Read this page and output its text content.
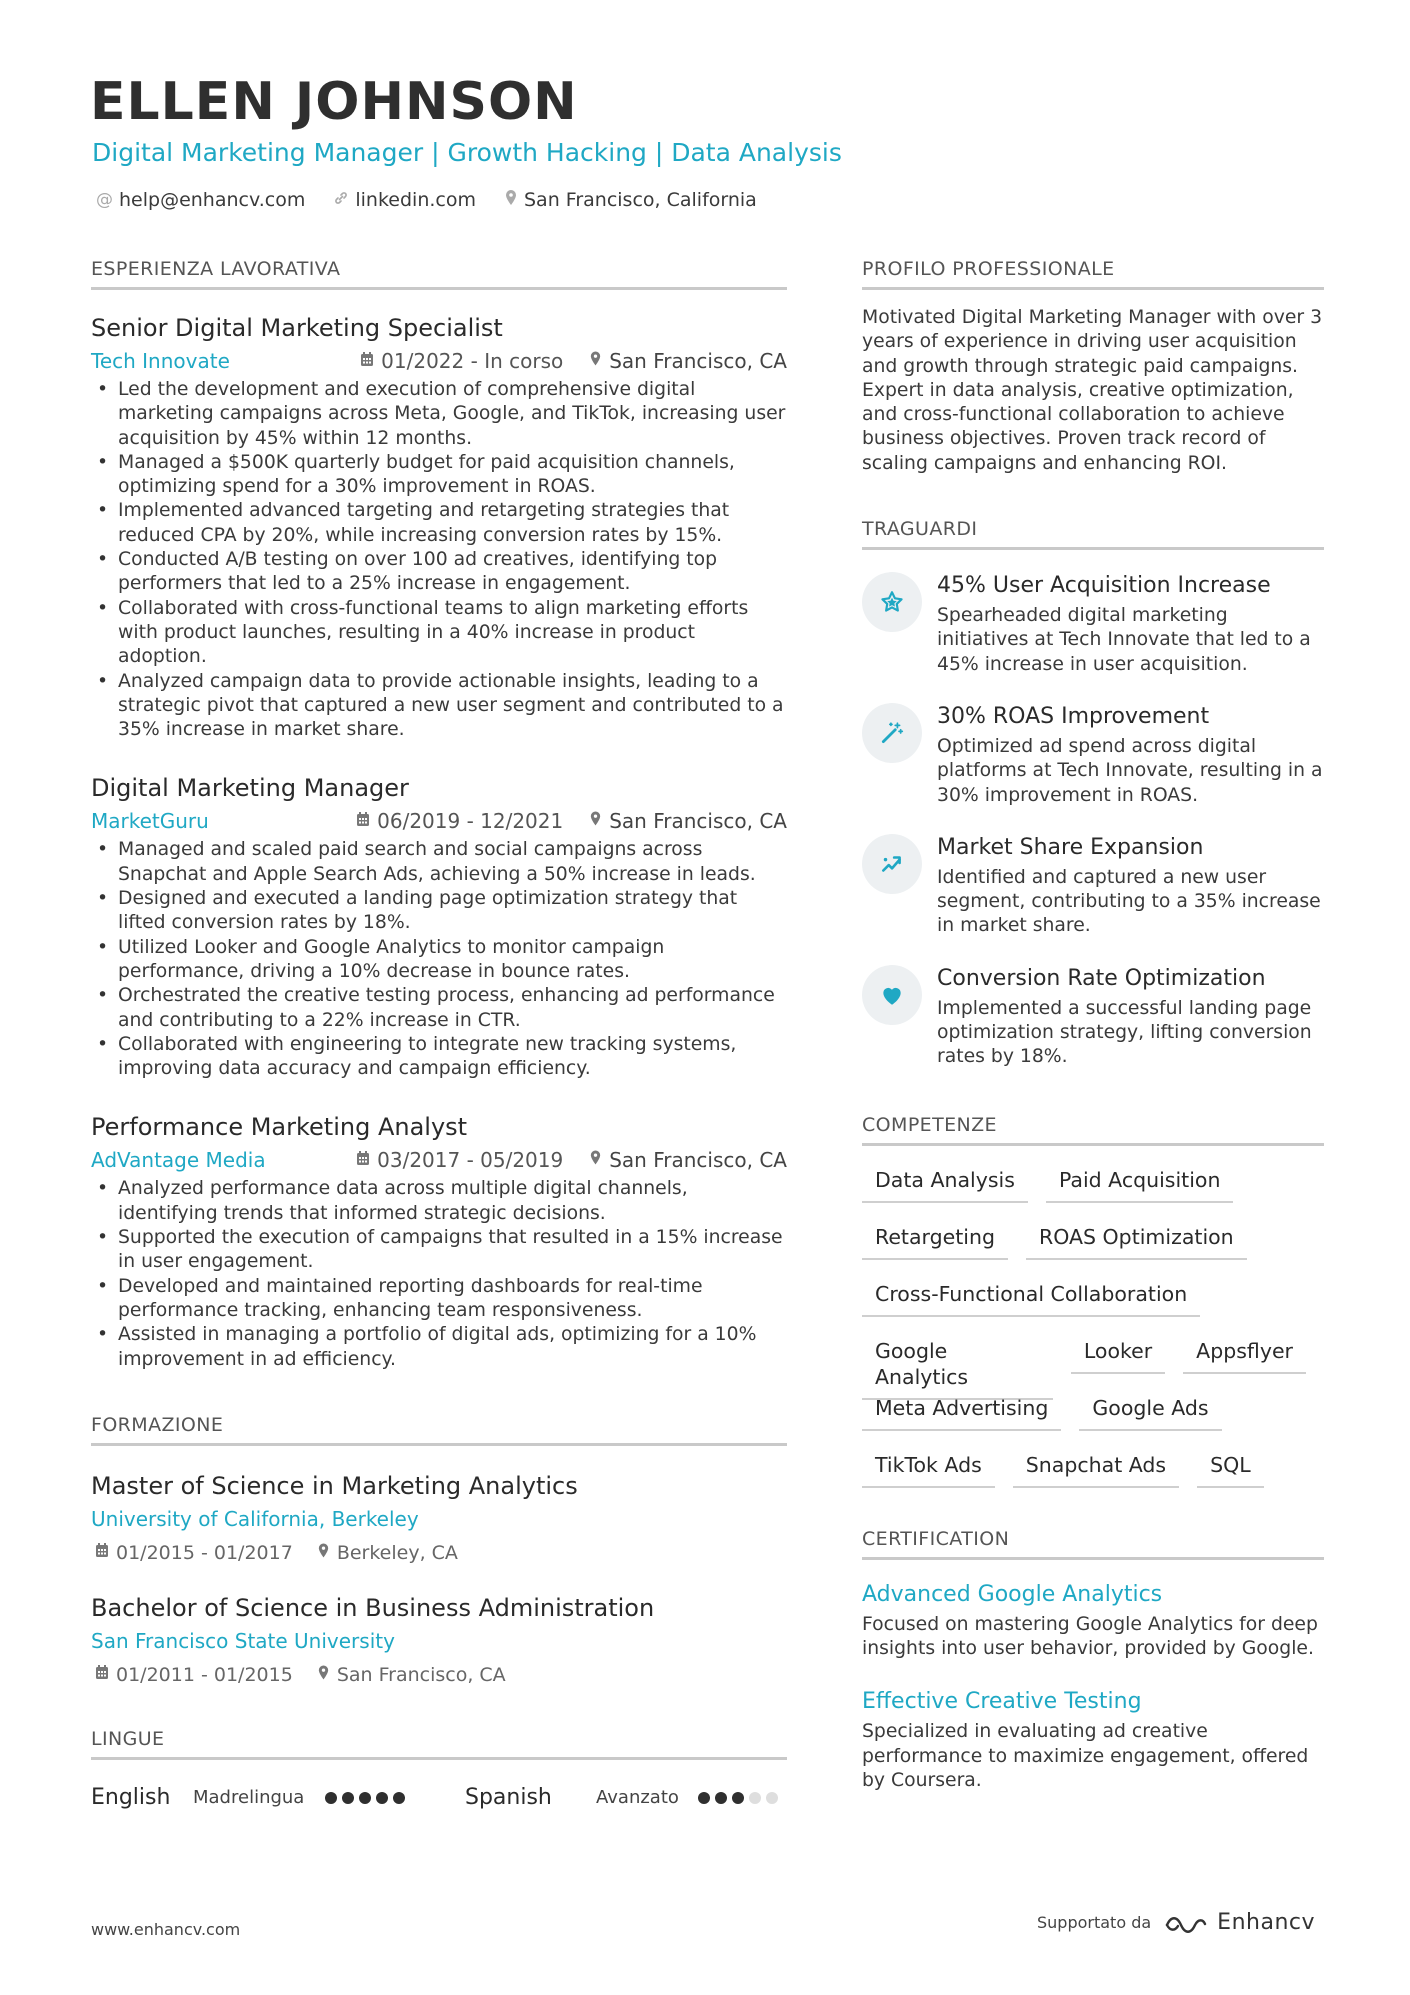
ELLEN JOHNSON
Digital Marketing Manager | Growth Hacking | Data Analysis
@ help@enhancv.com	linkedin.com	San Francisco, California
ESPERIENZA LAVORATIVA
Senior Digital Marketing Specialist
Tech Innovate	01/2022 - In corso San Francisco, CA
• Led the development and execution of comprehensive digital marketing campaigns across Meta, Google, and TikTok, increasing user acquisition by 45% within 12 months.
• Managed a $500K quarterly budget for paid acquisition channels, optimizing spend for a 30% improvement in ROAS.
• Implemented advanced targeting and retargeting strategies that reduced CPA by 20%, while increasing conversion rates by 15%.
• Conducted A/B testing on over 100 ad creatives, identifying top performers that led to a 25% increase in engagement.
• Collaborated with cross-functional teams to align marketing efforts with product launches, resulting in a 40% increase in product adoption.
• Analyzed campaign data to provide actionable insights, leading to a strategic pivot that captured a new user segment and contributed to a 35% increase in market share.
Digital Marketing Manager
MarketGuru	06/2019 - 12/2021 San Francisco, CA
• Managed and scaled paid search and social campaigns across Snapchat and Apple Search Ads, achieving a 50% increase in leads.
• Designed and executed a landing page optimization strategy that lifted conversion rates by 18%.
• Utilized Looker and Google Analytics to monitor campaign performance, driving a 10% decrease in bounce rates.
• Orchestrated the creative testing process, enhancing ad performance and contributing to a 22% increase in CTR.
• Collaborated with engineering to integrate new tracking systems, improving data accuracy and campaign efficiency.
Performance Marketing Analyst
AdVantage Media	03/2017 - 05/2019 San Francisco, CA
• Analyzed performance data across multiple digital channels, identifying trends that informed strategic decisions.
• Supported the execution of campaigns that resulted in a 15% increase in user engagement.
• Developed and maintained reporting dashboards for real-time performance tracking, enhancing team responsiveness.
• Assisted in managing a portfolio of digital ads, optimizing for a 10% improvement in ad efficiency.
FORMAZIONE
Master of Science in Marketing Analytics
University of California, Berkeley
01/2015 - 01/2017 Berkeley, CA
Bachelor of Science in Business Administration
San Francisco State University
01/2011 - 01/2015 San Francisco, CA
LINGUE
English	Madrelingua	Spanish	Avanzato
PROFILO PROFESSIONALE
Motivated Digital Marketing Manager with over 3 years of experience in driving user acquisition and growth through strategic paid campaigns. Expert in data analysis, creative optimization, and cross-functional collaboration to achieve business objectives. Proven track record of scaling campaigns and enhancing ROI.
TRAGUARDI
45% User Acquisition Increase
Spearheaded digital marketing initiatives at Tech Innovate that led to a 45% increase in user acquisition.
30% ROAS Improvement
Optimized ad spend across digital platforms at Tech Innovate, resulting in a 30% improvement in ROAS.
Market Share Expansion
Identified and captured a new user segment, contributing to a 35% increase in market share.
Conversion Rate Optimization
Implemented a successful landing page optimization strategy, lifting conversion rates by 18%.
COMPETENZE
Data Analysis	Paid Acquisition
Retargeting	ROAS Optimization
Cross-Functional Collaboration
Google Analytics
Looker	Appsflyer
Meta Advertising	Google Ads
TikTok Ads	Snapchat Ads	SQL
CERTIFICATION
Advanced Google Analytics
Focused on mastering Google Analytics for deep insights into user behavior, provided by Google.
Effective Creative Testing
Specialized in evaluating ad creative performance to maximize engagement, offered by Coursera.
www.enhancv.com	Supportato da	Enhancv
